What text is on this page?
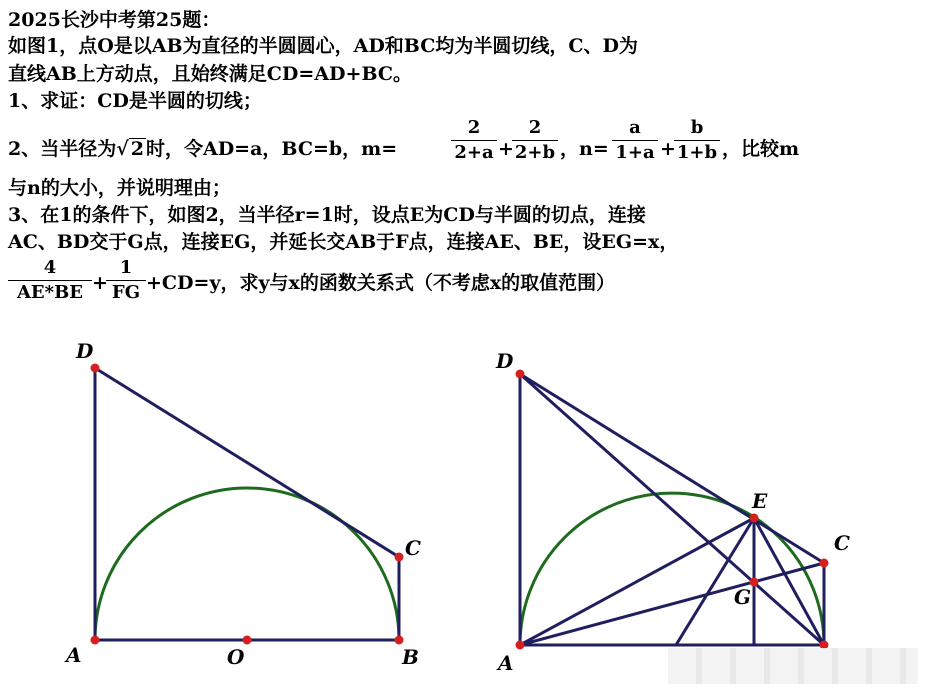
2025长沙中考第25题：
如图1，点O是以AB为直径的半圆圆心，AD和BC均为半圆切线，C、D为
直线AB上方动点，且始终满足CD=AD+BC。
1、求证：CD是半圆的切线；
2、当半径为√ 2 时，令AD=a，BC=b，m=
2
2+a +
2
2+b ，n=
a
1+a +
b
1+b ，比较m
与n的大小，并说明理由；
3、在1的条件下，如图2，当半径r=1时，设点E为CD与半圆的切点，连接
AC、BD交于G点，连接EG，并延长交AB于F点，连接AE、BE，设EG=x，
4
AE*BE +
1
FG +CD=y，求y与x的函数关系式（不考虑x的取值范围）
D
A	O	B
C
D
A
E
C
G
